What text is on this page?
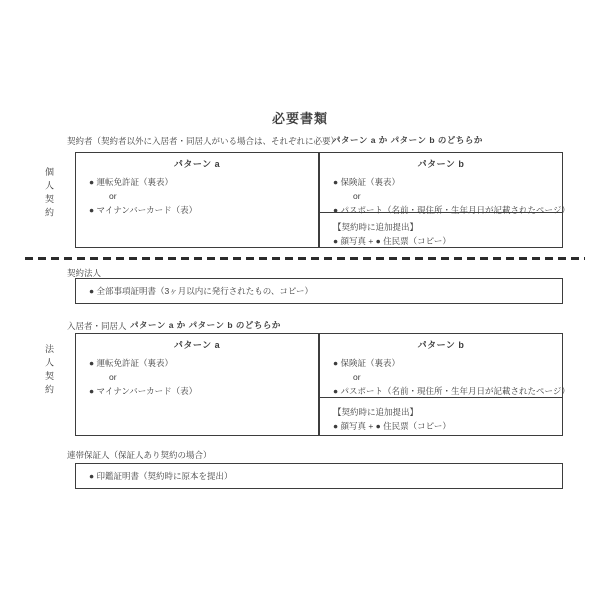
必要書類
個人契約
契約者（契約者以外に入居者・同居人がいる場合は、それぞれに必要）
パターン a か パターン b のどちらか
パターン a
● 運転免許証（裏表）
or
● マイナンバーカード（表）
パターン b
● 保険証（裏表）
or
● パスポート（名前・現住所・生年月日が記載されたページ）
【契約時に追加提出】
● 顔写真 + ● 住民票（コピー）
法人契約
契約法人
● 全部事項証明書（3ヶ月以内に発行されたもの、コピー）
入居者・同居人 パターン a か パターン b のどちらか
パターン a
● 運転免許証（裏表）
or
● マイナンバーカード（表）
パターン b
● 保険証（裏表）
or
● パスポート（名前・現住所・生年月日が記載されたページ）
【契約時に追加提出】
● 顔写真 + ● 住民票（コピー）
連帯保証人（保証人あり契約の場合）
● 印鑑証明書（契約時に原本を提出）
